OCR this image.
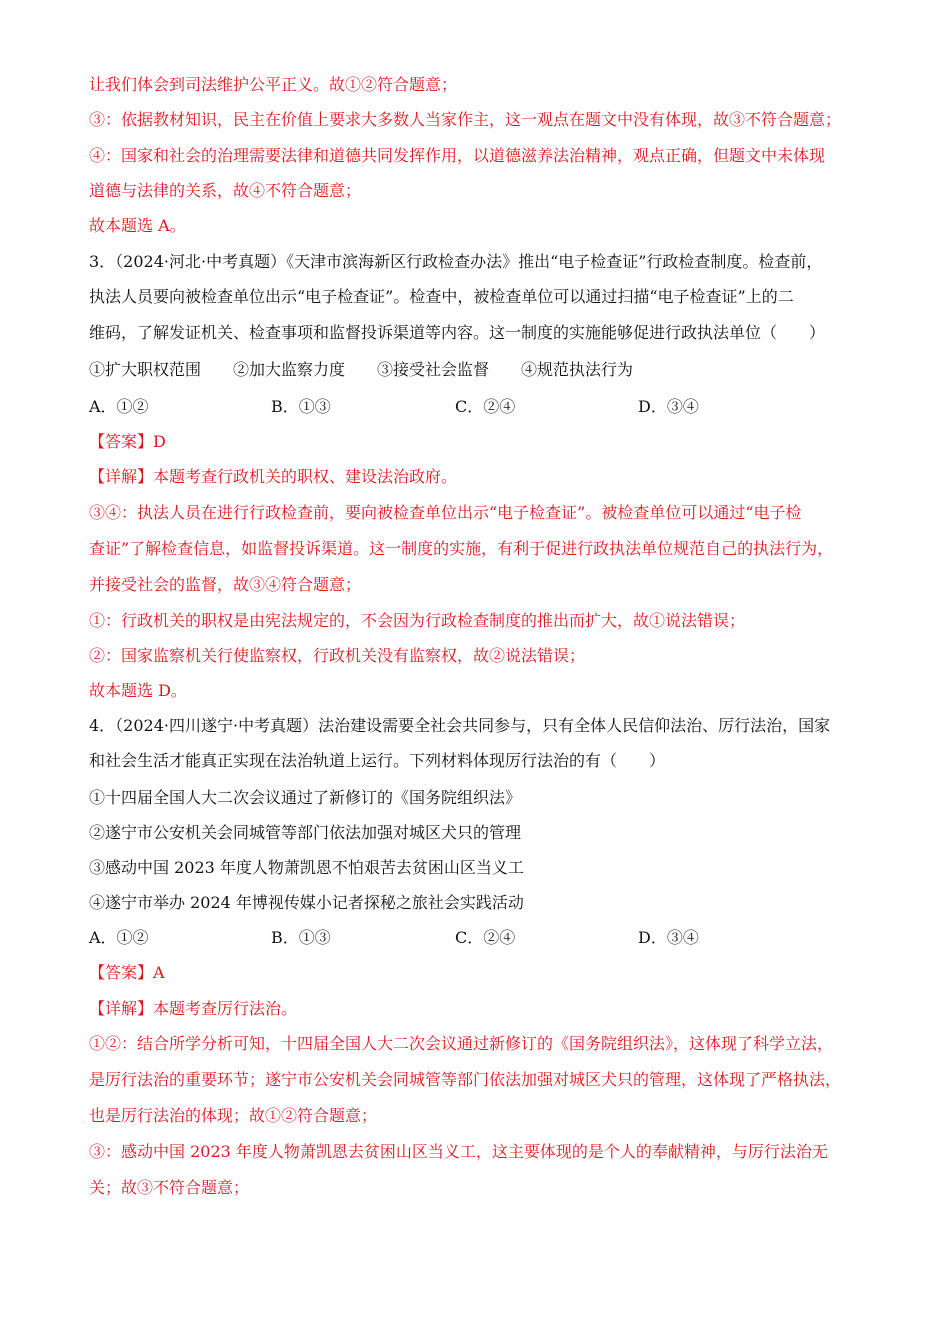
让我们体会到司法维护公平正义。故①②符合题意；
③：依据教材知识，民主在价值上要求大多数人当家作主，这一观点在题文中没有体现，故③不符合题意；
④：国家和社会的治理需要法律和道德共同发挥作用，以道德滋养法治精神，观点正确，但题文中未体现
道德与法律的关系，故④不符合题意；
故本题选 A。
3．（2024·河北·中考真题）《天津市滨海新区行政检查办法》推出“电子检查证”行政检查制度。检查前，
执法人员要向被检查单位出示“电子检查证”。检查中，被检查单位可以通过扫描“电子检查证”上的二
维码，了解发证机关、检查事项和监督投诉渠道等内容。这一制度的实施能够促进行政执法单位（　　）
①扩大职权范围　　②加大监察力度　　③接受社会监督　　④规范执法行为
A．①②	B．①③	C．②④	D．③④
【答案】D
【详解】本题考查行政机关的职权、建设法治政府。
③④：执法人员在进行行政检查前，要向被检查单位出示“电子检查证”。被检查单位可以通过“电子检
查证”了解检查信息，如监督投诉渠道。这一制度的实施，有利于促进行政执法单位规范自己的执法行为，
并接受社会的监督，故③④符合题意；
①：行政机关的职权是由宪法规定的，不会因为行政检查制度的推出而扩大，故①说法错误；
②：国家监察机关行使监察权，行政机关没有监察权，故②说法错误；
故本题选 D。
4．（2024·四川遂宁·中考真题）法治建设需要全社会共同参与，只有全体人民信仰法治、厉行法治，国家
和社会生活才能真正实现在法治轨道上运行。下列材料体现厉行法治的有（　　）
①十四届全国人大二次会议通过了新修订的《国务院组织法》
②遂宁市公安机关会同城管等部门依法加强对城区犬只的管理
③感动中国 2023 年度人物萧凯恩不怕艰苦去贫困山区当义工
④遂宁市举办 2024 年博视传媒小记者探秘之旅社会实践活动
A．①②	B．①③	C．②④	D．③④
【答案】A
【详解】本题考查厉行法治。
①②：结合所学分析可知，十四届全国人大二次会议通过新修订的《国务院组织法》，这体现了科学立法，
是厉行法治的重要环节；遂宁市公安机关会同城管等部门依法加强对城区犬只的管理，这体现了严格执法，
也是厉行法治的体现；故①②符合题意；
③：感动中国 2023 年度人物萧凯恩去贫困山区当义工，这主要体现的是个人的奉献精神，与厉行法治无
关；故③不符合题意；
